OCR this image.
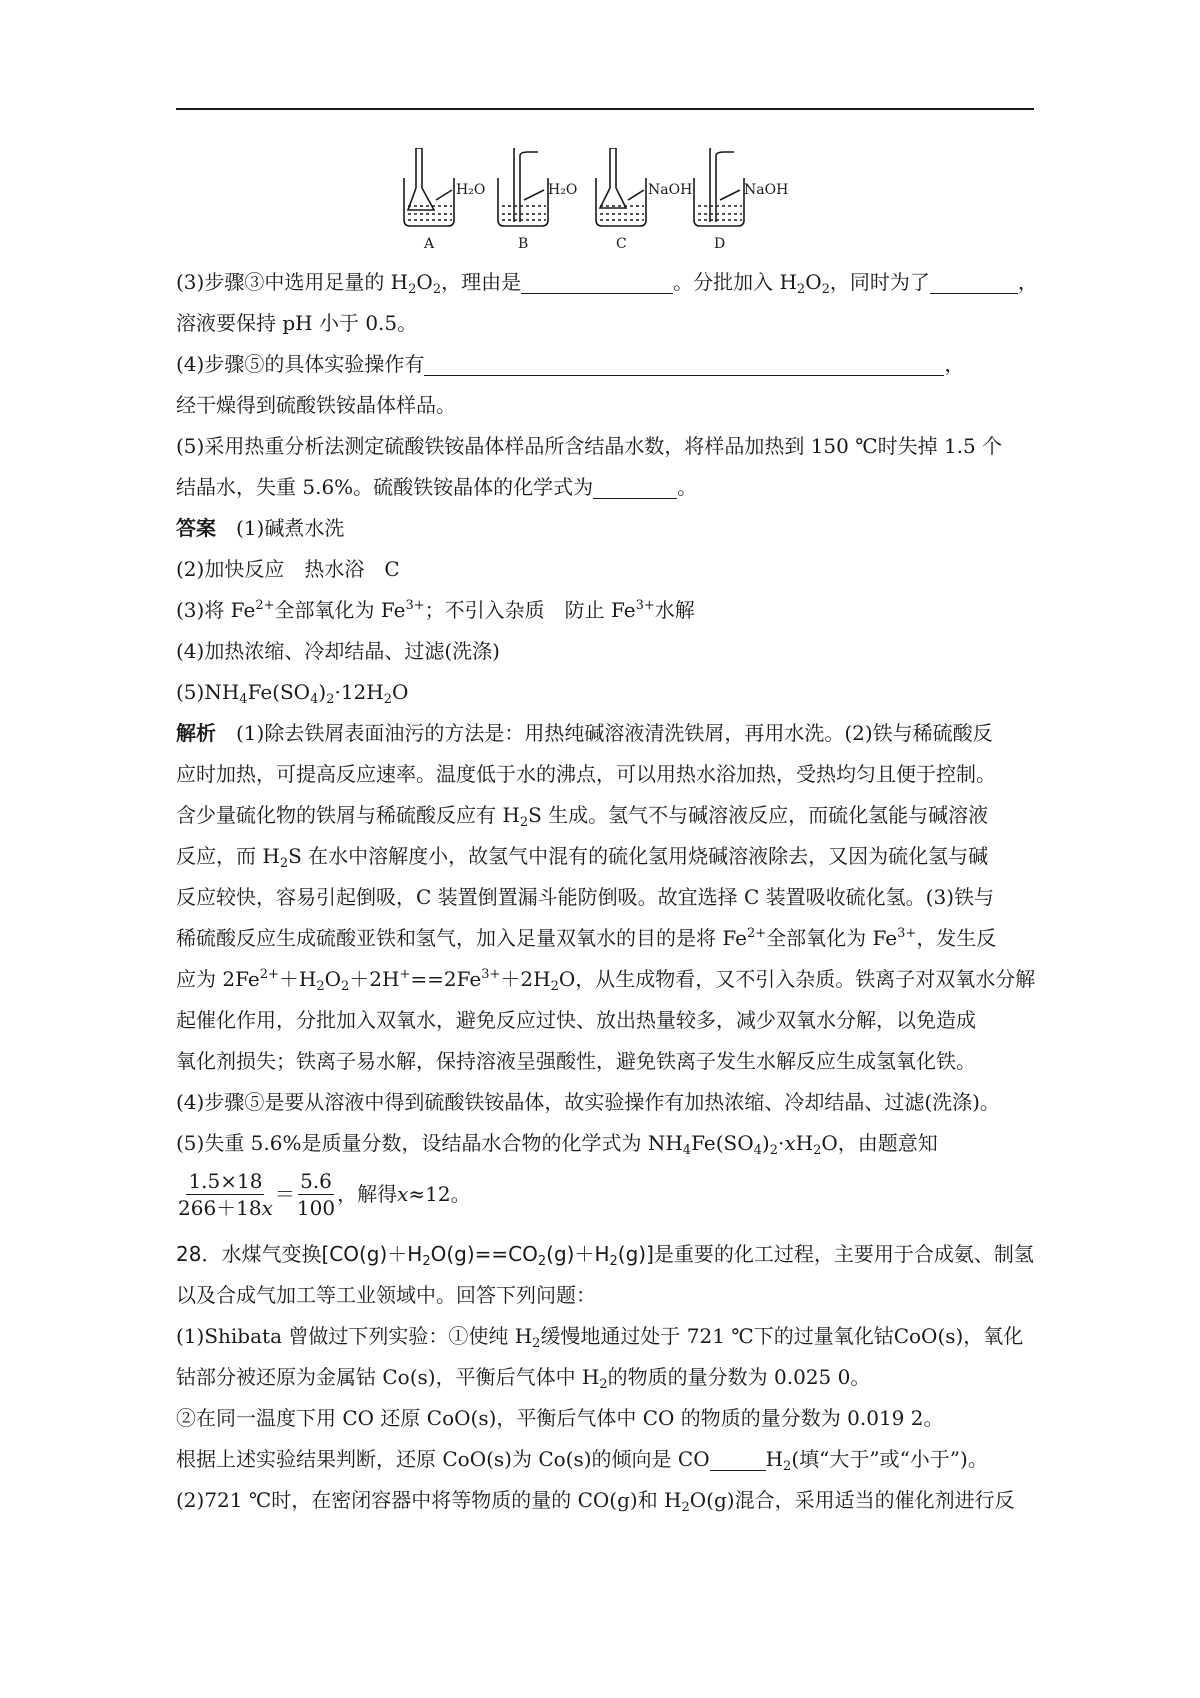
H₂O	H₂O	NaOH	NaOH
A	B	C	D
(3)步骤③中选用足量的 $H_2O_2$，理由是	。分批加入 $H_2O_2$，同时为了	，
溶液要保持 pH 小于 0.5。
(4)步骤⑤的具体实验操作有	，
经干燥得到硫酸铁铵晶体样品。
(5)采用热重分析法测定硫酸铁铵晶体样品所含结晶水数，将样品加热到 150 ℃时失掉 1.5 个
结晶水，失重 5.6%。硫酸铁铵晶体的化学式为	。
答案　 (1)碱煮水洗
(2)加快反应　热水浴　C
(3)将 $Fe^{2+}$全部氧化为 $Fe^{3+}$；不引入杂质　防止 $Fe^{3+}$水解
(4)加热浓缩、冷却结晶、过滤(洗涤)
$(5)NH_4Fe(SO_4)_2\cdot 12H_2O$
解析　 (1)除去铁屑表面油污的方法是：用热纯碱溶液清洗铁屑，再用水洗。(2)铁与稀硫酸反
应时加热，可提高反应速率。温度低于水的沸点，可以用热水浴加热，受热均匀且便于控制。
含少量硫化物的铁屑与稀硫酸反应有 $H_2S$ 生成。氢气不与碱溶液反应，而硫化氢能与碱溶液
反应，而 $H_2S$ 在水中溶解度小，故氢气中混有的硫化氢用烧碱溶液除去，又因为硫化氢与碱
反应较快，容易引起倒吸，C 装置倒置漏斗能防倒吸。故宜选择 C 装置吸收硫化氢。(3)铁与
稀硫酸反应生成硫酸亚铁和氢气，加入足量双氧水的目的是将 $Fe^{2+}$全部氧化为 $Fe^{3+}$，发生反
应为 $2Fe^{2+}+H_2O_2+2H^+==2Fe^{3+}+2H_2O$，从生成物看，又不引入杂质。铁离子对双氧水分解
起催化作用，分批加入双氧水，避免反应过快、放出热量较多，减少双氧水分解，以免造成
氧化剂损失；铁离子易水解，保持溶液呈强酸性，避免铁离子发生水解反应生成氢氧化铁。
(4)步骤⑤是要从溶液中得到硫酸铁铵晶体，故实验操作有加热浓缩、冷却结晶、过滤(洗涤)。
(5)失重 5.6%是质量分数，设结晶水合物的化学式为 $NH_4Fe(SO_4)_2\cdot xH_2O$，由题意知
$\frac{1.5\times 18}{266+18x} = \frac{5.6}{100}$ ，解得 x ≈12。
28．水煤气变换$[CO(g)+H_2O(g)==CO_2(g)+H_2(g)]$是重要的化工过程，主要用于合成氨、制氢
以及合成气加工等工业领域中。回答下列问题：
(1)Shibata 曾做过下列实验：①使纯 $H_2$缓慢地通过处于 721 ℃下的过量氧化钴CoO(s)，氧化
钴部分被还原为金属钴 Co(s)，平衡后气体中 $H_2$的物质的量分数为 0.025 0。
②在同一温度下用 CO 还原 CoO(s)，平衡后气体中 CO 的物质的量分数为 0.019 2。
根据上述实验结果判断，还原 CoO(s)为 Co(s)的倾向是 CO	$H_2$(填“大于”或“小于”)。
(2)721 ℃时，在密闭容器中将等物质的量的 CO(g)和 $H_2O(g)$混合，采用适当的催化剂进行反
